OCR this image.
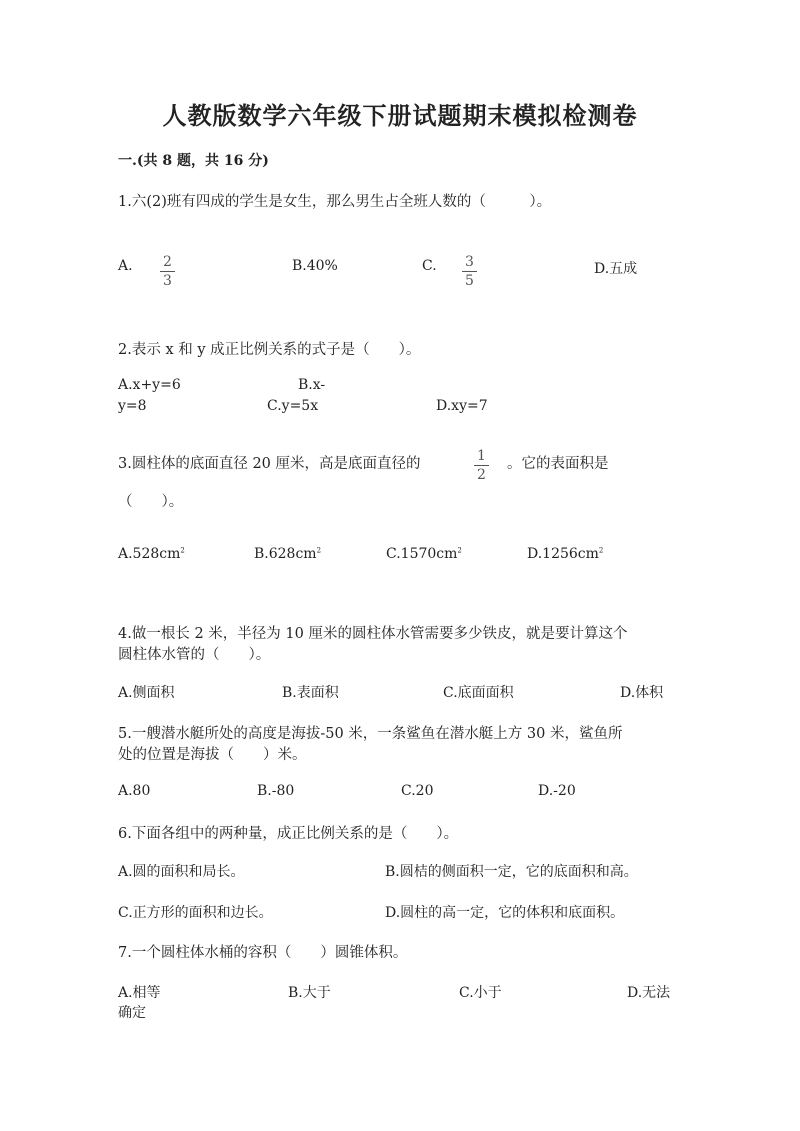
人教版数学六年级下册试题期末模拟检测卷
一.(共 8 题，共 16 分)
1.六(2)班有四成的学生是女生，那么男生占全班人数的（　　　）。
A. $\frac{2}{3}$	B.40%	C. $\frac{3}{5}$	D.五成
2.表示 x 和 y 成正比例关系的式子是（　　）。
A.x+y=6	B.x-
y=8	C.y=5x	D.xy=7
3.圆柱体的底面直径 20 厘米，高是底面直径的	$\frac{1}{2}$ 。它的表面积是
（　　）。
$A.528cm^2$	$B.628cm^2$	$C.1570cm^2$	$D.1256cm^2$
4.做一根长 2 米，半径为 10 厘米的圆柱体水管需要多少铁皮，就是要计算这个
圆柱体水管的（　　）。
A.侧面积	B.表面积	C.底面面积	D.体积
5.一艘潜水艇所处的高度是海拔-50 米，一条鲨鱼在潜水艇上方 30 米，鲨鱼所
处的位置是海拔（　　）米。
A.80	B.-80	C.20	D.-20
6.下面各组中的两种量，成正比例关系的是（　　）。
A.圆的面积和局长。	B.圆桔的侧面积一定，它的底面积和高。
C.正方形的面积和边长。	D.圆柱的高一定，它的体积和底面积。
7.一个圆柱体水桶的容积（　　）圆锥体积。
A.相等	B.大于	C.小于	D.无法
确定
